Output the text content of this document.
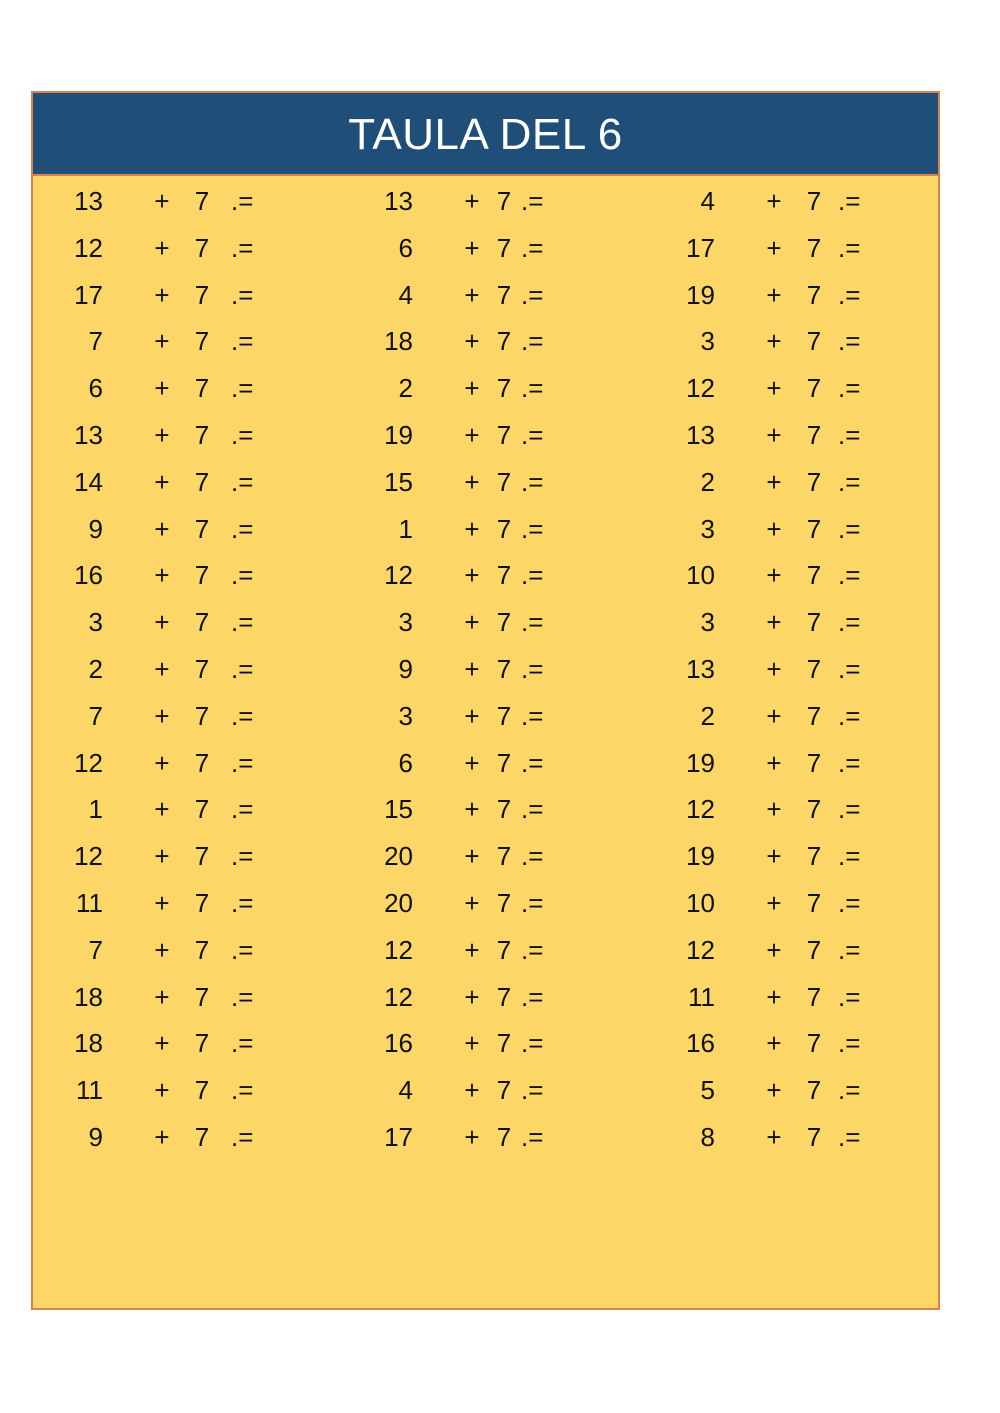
TAULA DEL 6
13 + 7 .=
12 + 7 .=
17 + 7 .=
7 + 7 .=
6 + 7 .=
13 + 7 .=
14 + 7 .=
9 + 7 .=
16 + 7 .=
3 + 7 .=
2 + 7 .=
7 + 7 .=
12 + 7 .=
1 + 7 .=
12 + 7 .=
11 + 7 .=
7 + 7 .=
18 + 7 .=
18 + 7 .=
11 + 7 .=
9 + 7 .=
13 + 7 .=
6 + 7 .=
4 + 7 .=
18 + 7 .=
2 + 7 .=
19 + 7 .=
15 + 7 .=
1 + 7 .=
12 + 7 .=
3 + 7 .=
9 + 7 .=
3 + 7 .=
6 + 7 .=
15 + 7 .=
20 + 7 .=
20 + 7 .=
12 + 7 .=
12 + 7 .=
16 + 7 .=
4 + 7 .=
17 + 7 .=
4 + 7 .=
17 + 7 .=
19 + 7 .=
3 + 7 .=
12 + 7 .=
13 + 7 .=
2 + 7 .=
3 + 7 .=
10 + 7 .=
3 + 7 .=
13 + 7 .=
2 + 7 .=
19 + 7 .=
12 + 7 .=
19 + 7 .=
10 + 7 .=
12 + 7 .=
11 + 7 .=
16 + 7 .=
5 + 7 .=
8 + 7 .=
